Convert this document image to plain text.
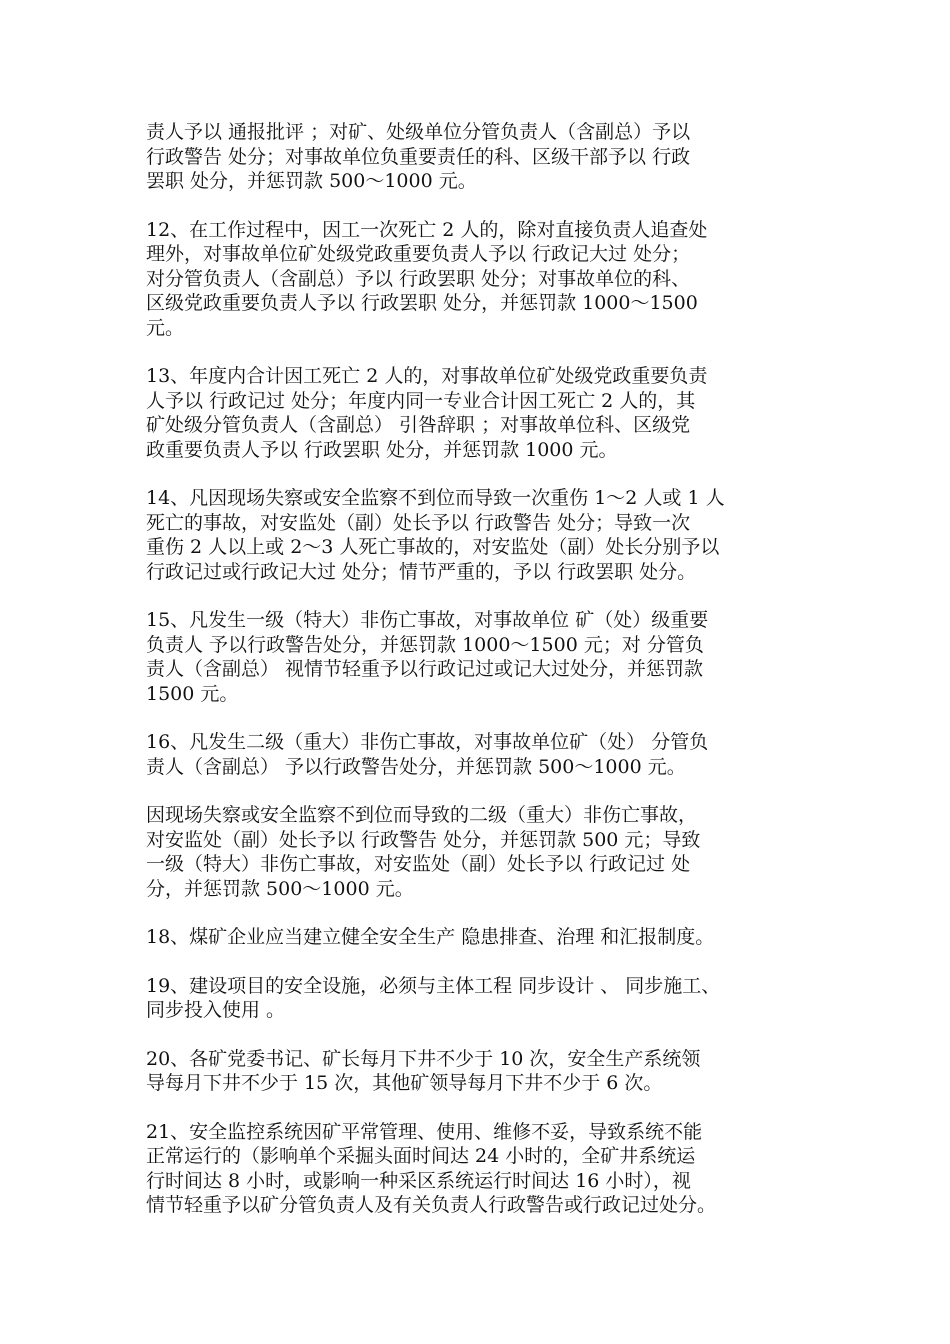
责人予以 通报批评 ；对矿、处级单位分管负责人（含副总）予以
行政警告 处分；对事故单位负重要责任的科、区级干部予以 行政
罢职 处分，并惩罚款 500～1000 元。

12、在工作过程中，因工一次死亡 2 人的，除对直接负责人追查处
理外，对事故单位矿处级党政重要负责人予以 行政记大过 处分；
对分管负责人（含副总）予以 行政罢职 处分；对事故单位的科、
区级党政重要负责人予以 行政罢职 处分，并惩罚款 1000～1500
元。

13、年度内合计因工死亡 2 人的，对事故单位矿处级党政重要负责
人予以 行政记过 处分；年度内同一专业合计因工死亡 2 人的，其
矿处级分管负责人（含副总） 引咎辞职 ；对事故单位科、区级党
政重要负责人予以 行政罢职 处分，并惩罚款 1000 元。

14、凡因现场失察或安全监察不到位而导致一次重伤 1～2 人或 1 人
死亡的事故，对安监处（副）处长予以 行政警告 处分；导致一次
重伤 2 人以上或 2～3 人死亡事故的，对安监处（副）处长分别予以
行政记过或行政记大过 处分；情节严重的，予以 行政罢职 处分。

15、凡发生一级（特大）非伤亡事故，对事故单位 矿（处）级重要
负责人 予以行政警告处分，并惩罚款 1000～1500 元；对 分管负
责人（含副总） 视情节轻重予以行政记过或记大过处分，并惩罚款
1500 元。

16、凡发生二级（重大）非伤亡事故，对事故单位矿（处） 分管负
责人（含副总） 予以行政警告处分，并惩罚款 500～1000 元。

因现场失察或安全监察不到位而导致的二级（重大）非伤亡事故，
对安监处（副）处长予以 行政警告 处分，并惩罚款 500 元；导致
一级（特大）非伤亡事故，对安监处（副）处长予以 行政记过 处
分，并惩罚款 500～1000 元。

18、煤矿企业应当建立健全安全生产 隐患排查、治理 和汇报制度。

19、建设项目的安全设施，必须与主体工程 同步设计 、 同步施工、
同步投入使用 。

20、各矿党委书记、矿长每月下井不少于 10 次，安全生产系统领
导每月下井不少于 15 次，其他矿领导每月下井不少于 6 次。

21、安全监控系统因矿平常管理、使用、维修不妥，导致系统不能
正常运行的（影响单个采掘头面时间达 24 小时的，全矿井系统运
行时间达 8 小时，或影响一种采区系统运行时间达 16 小时），视
情节轻重予以矿分管负责人及有关负责人行政警告或行政记过处分。
